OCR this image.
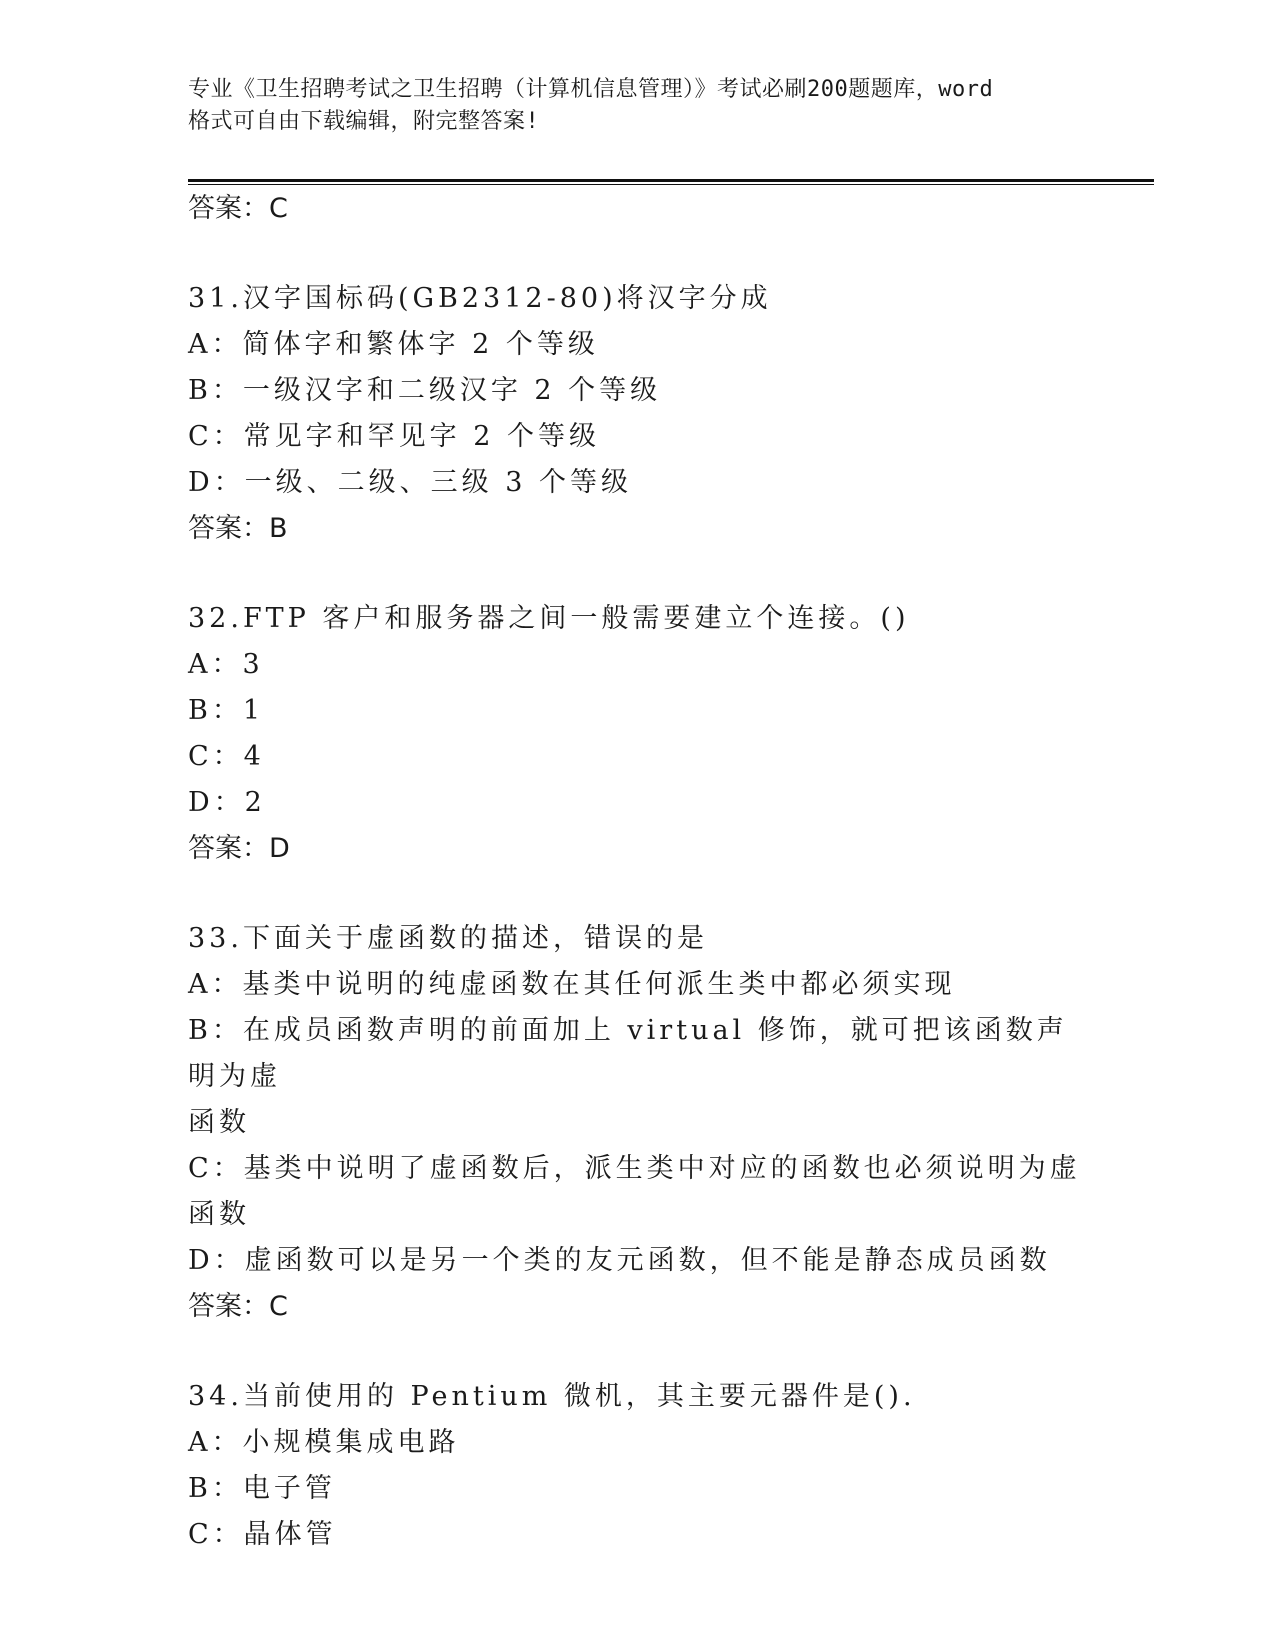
专业《卫生招聘考试之卫生招聘（计算机信息管理）》考试必刷200题题库，word
格式可自由下载编辑，附完整答案!
答案：C
31.汉字国标码(GB2312-80)将汉字分成
A：简体字和繁体字 2 个等级
B：一级汉字和二级汉字 2 个等级
C：常见字和罕见字 2 个等级
D：一级、二级、三级 3 个等级
答案：B
32.FTP 客户和服务器之间一般需要建立个连接。()
A：3
B：1
C：4
D：2
答案：D
33.下面关于虚函数的描述，错误的是
A：基类中说明的纯虚函数在其任何派生类中都必须实现
B：在成员函数声明的前面加上 virtual 修饰，就可把该函数声明为虚
函数
C：基类中说明了虚函数后，派生类中对应的函数也必须说明为虚函数
D：虚函数可以是另一个类的友元函数，但不能是静态成员函数
答案：C
34.当前使用的 Pentium 微机，其主要元器件是().
A：小规模集成电路
B：电子管
C：晶体管
